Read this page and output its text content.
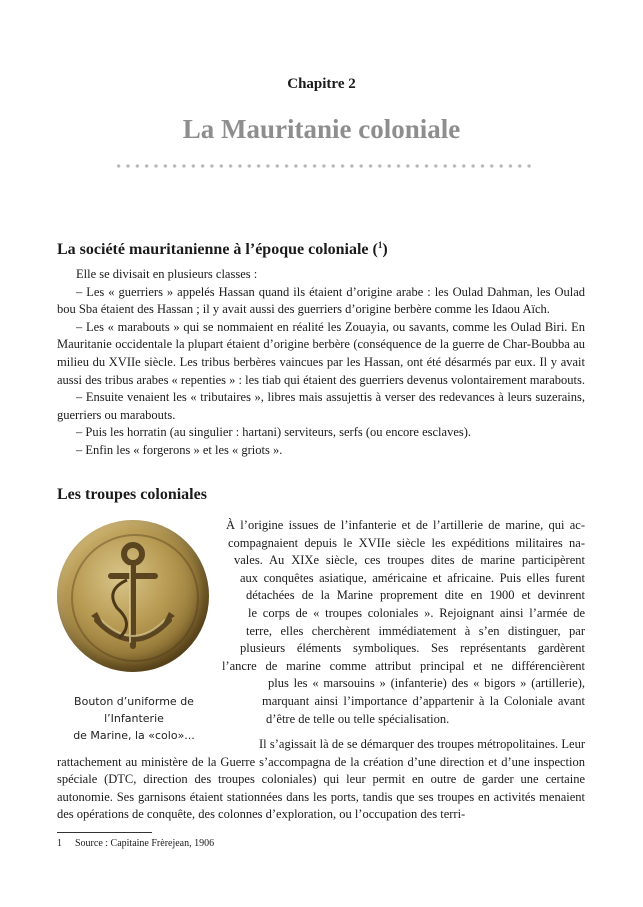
Chapitre 2
La Mauritanie coloniale
La société mauritanienne à l’époque coloniale ($^1$)

Elle se divisait en plusieurs classes :

– Les « guerriers » appelés Hassan quand ils étaient d’origine arabe : les Oulad Dahman, les Oulad bou Sba étaient des Hassan ; il y avait aussi des guerriers d’origine berbère comme les Idaou Aïch.

– Les « marabouts » qui se nommaient en réalité les Zouayia, ou savants, comme les Oulad Biri. En Mauritanie occidentale la plupart étaient d’origine berbère (conséquence de la guerre de Char-Boubba au milieu du XVIIe siècle. Les tribus berbères vaincues par les Hassan, ont été désarmés par eux. Il y avait aussi des tribus arabes « repenties » : les tiab qui étaient des guerriers devenus volontairement marabouts.

– Ensuite venaient les « tributaires », libres mais assujettis à verser des redevances à leurs suzerains, guerriers ou marabouts.

– Puis les horratin (au singulier : hartani) serviteurs, serfs (ou encore esclaves).

– Enfin les « forgerons » et les « griots ».

Les troupes coloniales
Bouton d’uniforme de l’Infanterie
de Marine, la «colo»...
À l’origine issues de l’infanterie et de l’artillerie de marine, qui ac-
compagnaient depuis le XVIIe siècle les expéditions militaires na-
vales. Au XIXe siècle, ces troupes dites de marine participèrent
aux conquêtes asiatique, américaine et africaine. Puis elles furent
détachées de la Marine proprement dite en 1900 et devinrent
le corps de « troupes coloniales ». Rejoignant ainsi l’armée de
terre, elles cherchèrent immédiatement à s’en distinguer, par
plusieurs éléments symboliques. Ses représentants gardèrent
l’ancre de marine comme attribut principal et ne différencièrent
plus les « marsouins » (infanterie) des « bigors » (artillerie),
marquant ainsi l’importance d’appartenir à la Coloniale avant
d’être de telle ou telle spécialisation.

Il s’agissait là de se démarquer des troupes métropolitaines. Leur rattachement au ministère de la Guerre s’accompagna de la création d’une direction et d’une inspection spéciale (DTC, direction des troupes coloniales) qui leur permit en outre de garder une certaine autonomie. Ses garnisons étaient stationnées dans les ports, tandis que ses troupes en activités menaient des opérations de conquête, des colonnes d’exploration, ou l’occupation des terri-

1 Source : Capitaine Frèrejean, 1906
